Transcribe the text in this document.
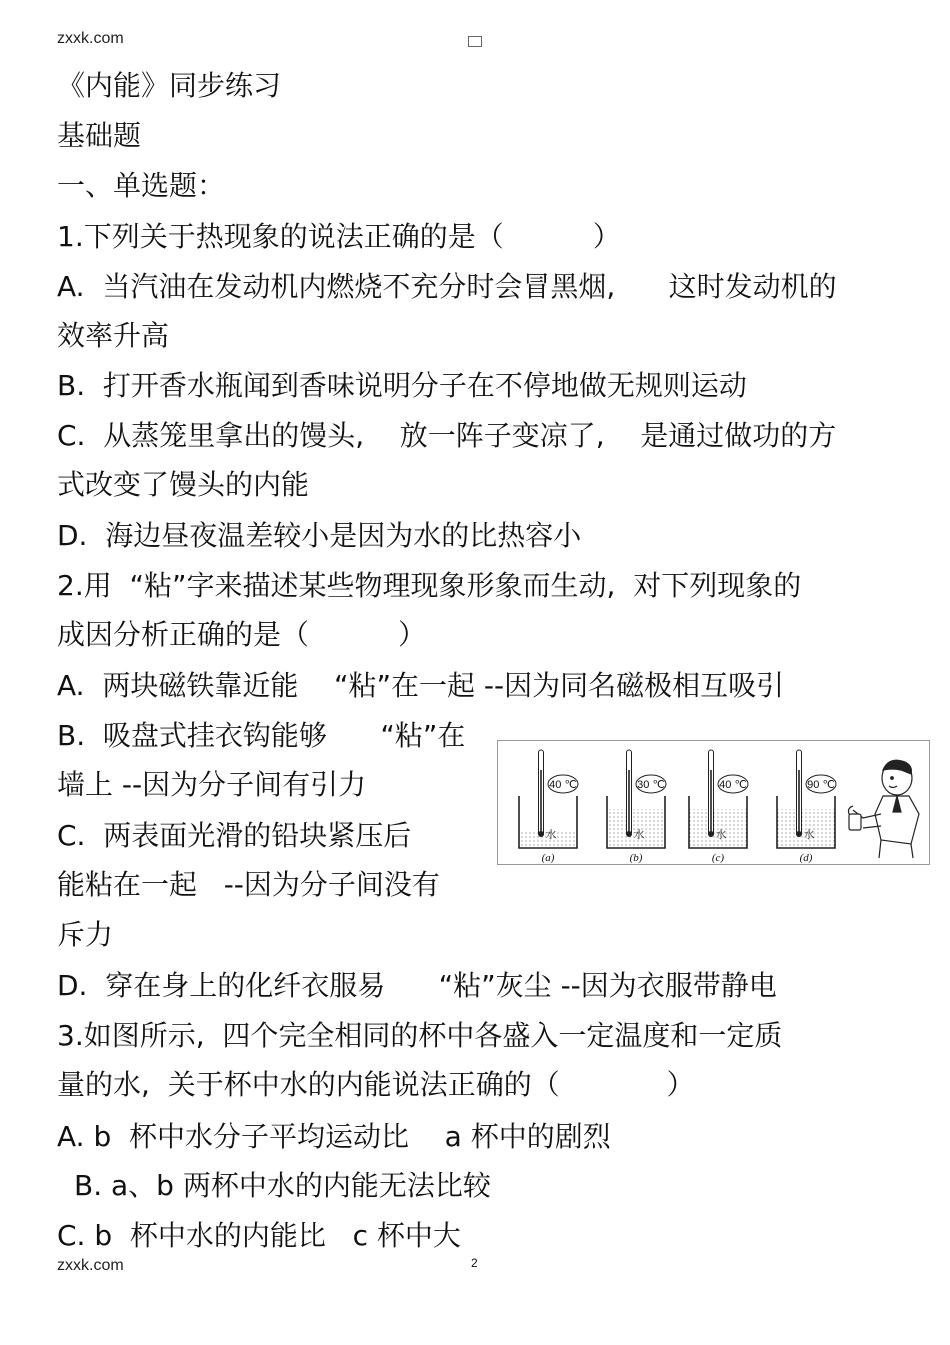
zxxk.com
《内能》同步练习
基础题
一、单选题：
1.下列关于热现象的说法正确的是（          ）
A.  当汽油在发动机内燃烧不充分时会冒黑烟,      这时发动机的
效率升高
B.  打开香水瓶闻到香味说明分子在不停地做无规则运动
C.  从蒸笼里拿出的馒头,    放一阵子变凉了,    是通过做功的方
式改变了馒头的内能
D.  海边昼夜温差较小是因为水的比热容小
2.用  “粘”字来描述某些物理现象形象而生动,  对下列现象的
成因分析正确的是（          ）
A.  两块磁铁靠近能    “粘”在一起 --因为同名磁极相互吸引
B.  吸盘式挂衣钩能够      “粘”在
墙上 --因为分子间有引力
C.  两表面光滑的铅块紧压后
能粘在一起   --因为分子间没有
斥力
D.  穿在身上的化纤衣服易      “粘”灰尘 --因为衣服带静电
3.如图所示,  四个完全相同的杯中各盛入一定温度和一定质
量的水,  关于杯中水的内能说法正确的（            ）
A. b  杯中水分子平均运动比    a 杯中的剧烈
B. a、b 两杯中水的内能无法比较
C. b  杯中水的内能比   c 杯中大
40 ℃
水
(a)
30 ℃
水
(b)
40 ℃
水
(c)
90 ℃
水
(d)
zxxk.com	2
